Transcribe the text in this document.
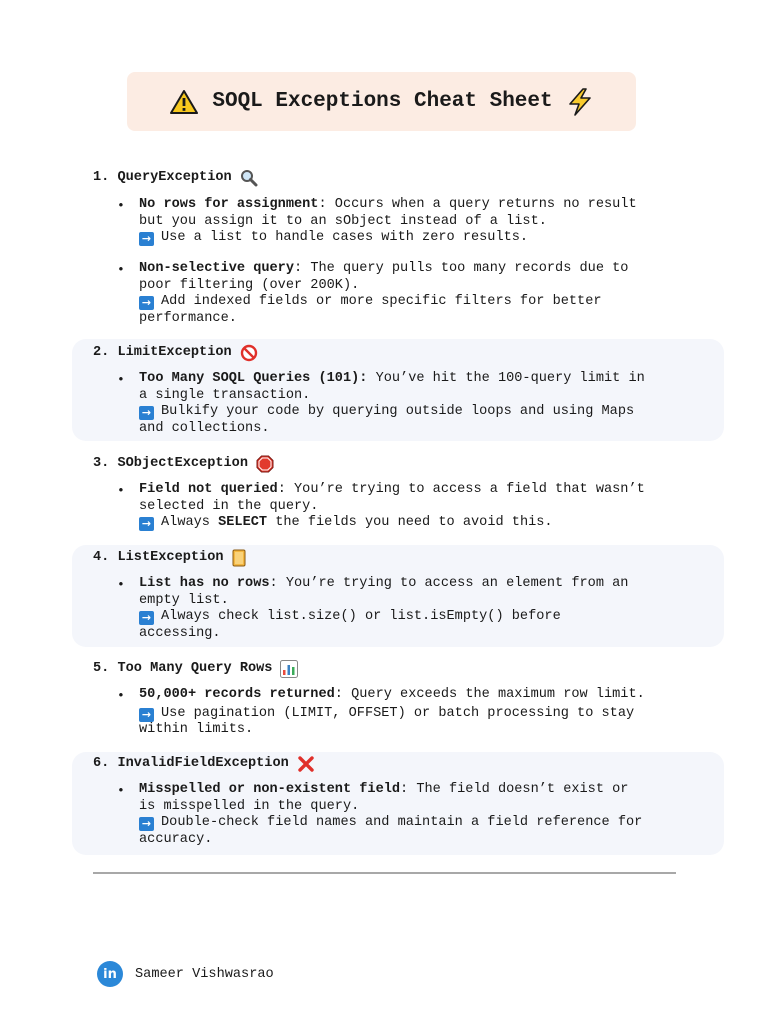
SOQL Exceptions Cheat Sheet
1. QueryException
• No rows for assignment: Occurs when a query returns no result
but you assign it to an sObject instead of a list.
→ Use a list to handle cases with zero results.
• Non-selective query: The query pulls too many records due to
poor filtering (over 200K).
→ Add indexed fields or more specific filters for better
performance.
2. LimitException
• Too Many SOQL Queries (101): You’ve hit the 100-query limit in
a single transaction.
→ Bulkify your code by querying outside loops and using Maps
and collections.
3. SObjectException
• Field not queried: You’re trying to access a field that wasn’t
selected in the query.
→ Always SELECT the fields you need to avoid this.
4. ListException
• List has no rows: You’re trying to access an element from an
empty list.
→ Always check list.size() or list.isEmpty() before
accessing.
5. Too Many Query Rows
• 50,000+ records returned: Query exceeds the maximum row limit.
→ Use pagination (LIMIT, OFFSET) or batch processing to stay
within limits.
6. InvalidFieldException
• Misspelled or non-existent field: The field doesn’t exist or
is misspelled in the query.
→ Double-check field names and maintain a field reference for
accuracy.
in	Sameer Vishwasrao
